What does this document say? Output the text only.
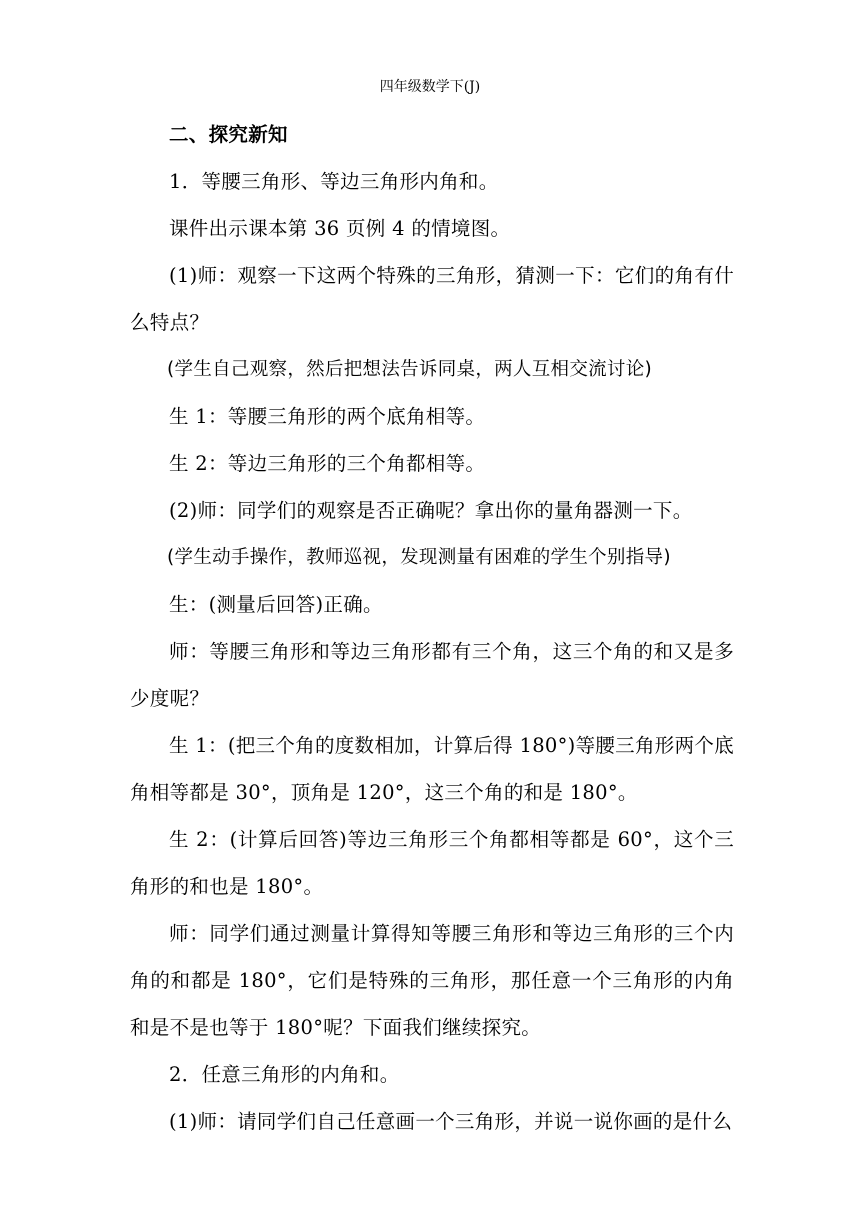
四年级数学下(J)

二、探究新知

1．等腰三角形、等边三角形内角和。

课件出示课本第 36 页例 4 的情境图。

(1)师：观察一下这两个特殊的三角形，猜测一下：它们的角有什么特点？

(学生自己观察，然后把想法告诉同桌，两人互相交流讨论)

生 1：等腰三角形的两个底角相等。

生 2：等边三角形的三个角都相等。

(2)师：同学们的观察是否正确呢？拿出你的量角器测一下。

(学生动手操作，教师巡视，发现测量有困难的学生个别指导)

生：(测量后回答)正确。

师：等腰三角形和等边三角形都有三个角，这三个角的和又是多少度呢？

生 1：(把三个角的度数相加，计算后得 180°)等腰三角形两个底角相等都是 30°，顶角是 120°，这三个角的和是 180°。

生 2：(计算后回答)等边三角形三个角都相等都是 60°，这个三角形的和也是 180°。

师：同学们通过测量计算得知等腰三角形和等边三角形的三个内角的和都是 180°，它们是特殊的三角形，那任意一个三角形的内角和是不是也等于 180°呢？下面我们继续探究。

2．任意三角形的内角和。

(1)师：请同学们自己任意画一个三角形，并说一说你画的是什么
